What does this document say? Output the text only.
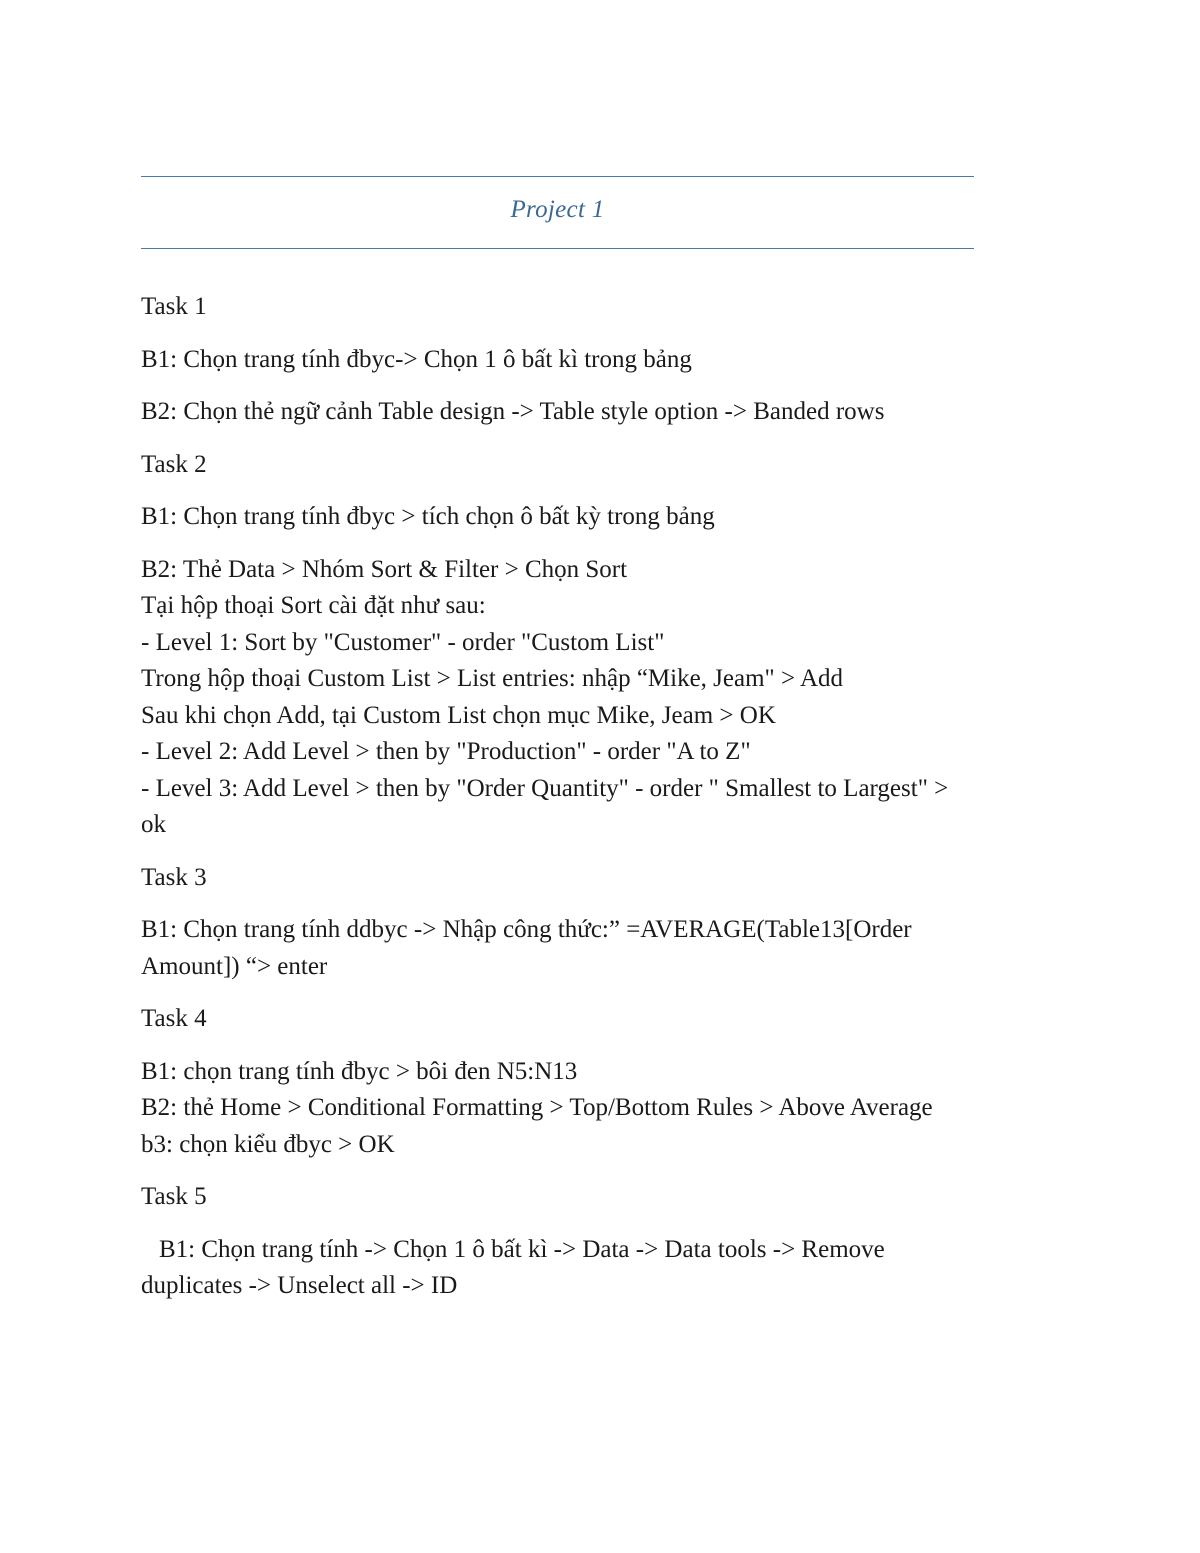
Project 1

Task 1

B1: Chọn trang tính đbyc-> Chọn 1 ô bất kì trong bảng

B2: Chọn thẻ ngữ cảnh Table design -> Table style option -> Banded rows

Task 2

B1: Chọn trang tính đbyc > tích chọn ô bất kỳ trong bảng

B2: Thẻ Data > Nhóm Sort & Filter > Chọn Sort

Tại hộp thoại Sort cài đặt như sau:

- Level 1: Sort by "Customer" - order "Custom List"

Trong hộp thoại Custom List > List entries: nhập “Mike, Jeam" > Add

Sau khi chọn Add, tại Custom List chọn mục Mike, Jeam > OK

- Level 2: Add Level > then by "Production" - order "A to Z"

- Level 3: Add Level > then by "Order Quantity" - order " Smallest to Largest" >

ok

Task 3

B1: Chọn trang tính ddbyc -> Nhập công thức:” =AVERAGE(Table13[Order

Amount]) “> enter

Task 4

B1: chọn trang tính đbyc > bôi đen N5:N13

B2: thẻ Home > Conditional Formatting > Top/Bottom Rules > Above Average

b3: chọn kiểu đbyc > OK

Task 5

B1: Chọn trang tính -> Chọn 1 ô bất kì -> Data -> Data tools -> Remove

duplicates -> Unselect all -> ID
